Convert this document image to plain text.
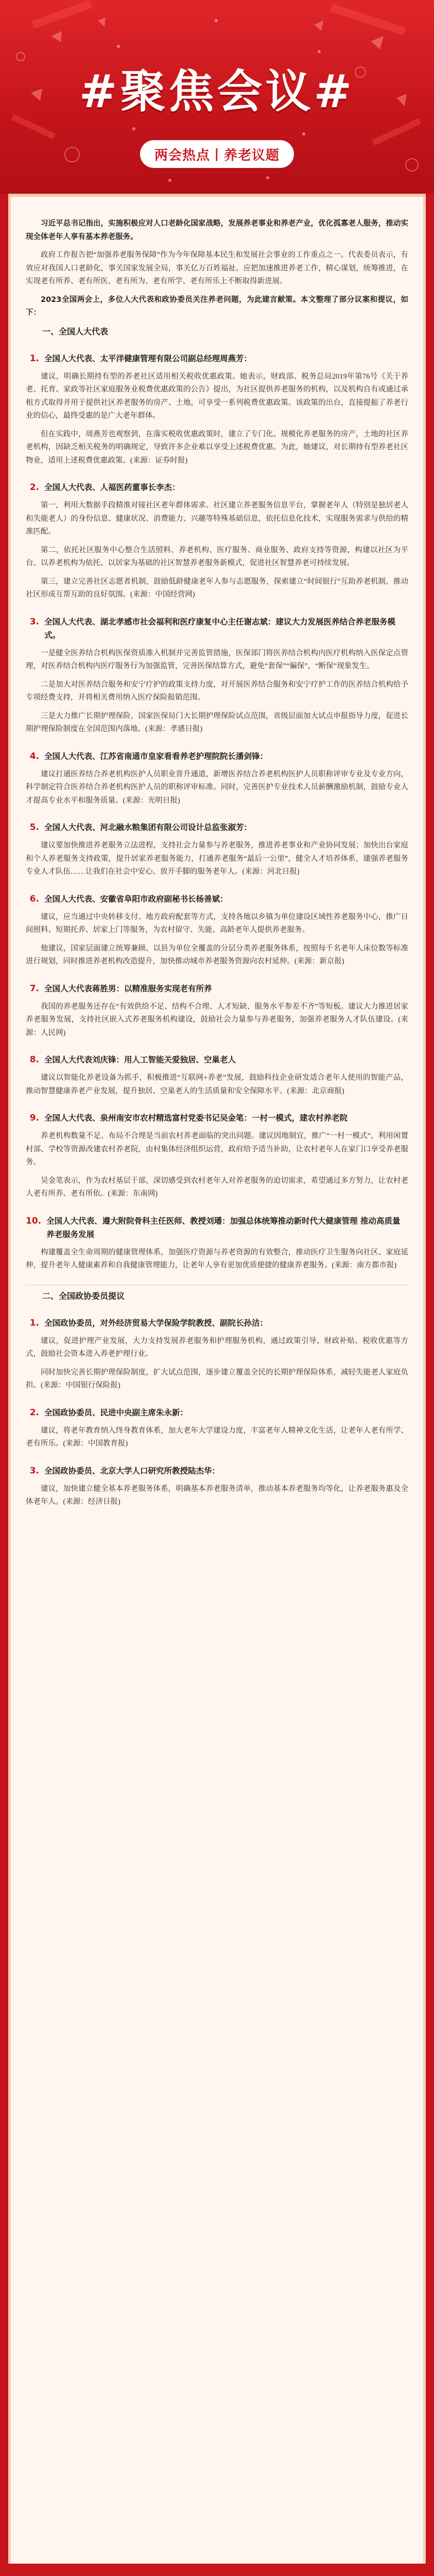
#聚焦会议#
两会热点丨养老议题

习近平总书记指出，实施积极应对人口老龄化国家战略，发展养老事业和养老产业，优化孤寡老人服务，推动实现全体老年人享有基本养老服务。

政府工作报告把“加强养老服务保障”作为今年保障基本民生和发展社会事业的工作重点之一。代表委员表示，有效应对我国人口老龄化，事关国家发展全局，事关亿万百姓福祉。应把加速推进养老工作，精心谋划，统筹推进，在实现老有所养、老有所医、老有所为、老有所学、老有所乐上不断取得新进展。

2023全国两会上，多位人大代表和政协委员关注养老问题，为此建言献策。本文整理了部分议案和提议，如下：

一、全国人大代表

1. 全国人大代表、太平洋健康管理有限公司副总经理周燕芳：

建议，明确长期持有型的养老社区适用相关税收优惠政策。她表示，财政部、税务总局2019年第76号《关于养老、托育、家政等社区家庭服务业税费优惠政策的公告》提出，为社区提供养老服务的机构，以及机构自有或通过承租方式取得并用于提供社区养老服务的房产、土地，可享受一系列税费优惠政策。该政策的出台，直接提振了养老行业的信心，最终受惠的是广大老年群体。

但在实践中，周燕芳也观察到，在落实税收优惠政策时，建立了专门化、规模化养老服务的房产，土地的社区养老机构，因缺乏相关税务的明确规定，导致许多企业难以享受上述税费优惠。为此，她建议，对长期持有型养老社区物业，适用上述税费优惠政策。(来源：证券时报)

2. 全国人大代表、人福医药董事长李杰：

第一，利用大数据手段精准对接社区老年群体需求。社区建立养老服务信息平台，掌握老年人（特别是独居老人和失能老人）的身份信息、健康状况、消费能力、兴趣等特殊基础信息，依托信息化技术，实现服务需求与供给的精准匹配。

第二，依托社区服务中心整合生活照料、养老机构、医疗服务、商业服务、政府支持等资源，构建以社区为平台、以养老机构为依托、以居家为基础的社区智慧养老服务新模式，促进社区智慧养老可持续发展。

第三，建立完善社区志愿者机制，鼓励低龄健康老年人参与志愿服务，探索建立“时间银行”互助养老机制，推动社区形成互帮互助的良好氛围。(来源：中国经营网)

3. 全国人大代表、湖北孝感市社会福利和医疗康复中心主任谢志斌：建议大力发展医养结合养老服务模式。

一是健全医养结合机构医保资质准入机制并完善监管措施，医保部门将医养结合机构内医疗机构纳入医保定点管理，对医养结合机构内医疗服务行为加强监管，完善医保结算方式，避免“套保”“骗保”，“断保”现象发生。

二是加大对医养结合服务和安宁疗护的政策支持力度，对开展医养结合服务和安宁疗护工作的医养结合机构给予专项经费支持，并将相关费用纳入医疗保险报销范围。

三是大力推广长期护理保险，国家医保局门大长期护理保险试点范围，省级层面加大试点申报指导力度，促进长期护理保险制度在全国范围内落地。(来源：孝感日报)

4. 全国人大代表、江苏省南通市皇家看看养老护理院院长潘剑锋：

建议打通医养结合养老机构医护人员职业晋升通道，新增医养结合养老机构医护人员职称评审专业及专业方向，科学制定符合医养结合养老机构医护人员的职称评审标准。同时，完善医护专业技术人员薪酬激励机制，鼓励专业人才提高专业水平和服务质量。(来源：光明日报)

5. 全国人大代表、河北融水粮集团有限公司设计总监张淑芳：

建议要加快推进养老服务立法进程，支持社会力量参与养老服务，推进养老事业和产业协同发展；加快出台家庭和个人养老服务支持政策，提升居家养老服务能力，打通养老服务“最后一公里”，健全人才培养体系，建强养老服务专业人才队伍……让我们在社会中安心、放开手脚的服务老年人。(来源：河北日报)

6. 全国人大代表、安徽省阜阳市政府副秘书长杨善斌：

建议，应当通过中央转移支付、地方政府配套等方式，支持各地以乡镇为单位建设区域性养老服务中心，推广日间照料、短期托养、居家上门等服务，为农村留守、失能、高龄老年人提供养老服务。

他建议，国家层面建立统筹兼顾、以县为单位全覆盖的分层分类养老服务体系，按照每千名老年人床位数等标准进行规划，同时推进养老机构改造提升，加快推动城市养老服务资源向农村延伸。(来源：新京报)

7. 全国人大代表蒋胜男：以精准服务实现老有所养

我国的养老服务还存在“有效供给不足、结构不合理、人才短缺、服务水平参差不齐”等短板。建议大力推进居家养老服务发展，支持社区嵌入式养老服务机构建设，鼓励社会力量参与养老服务，加强养老服务人才队伍建设。(来源：人民网)

8. 全国人大代表刘庆锋：用人工智能关爱独居、空巢老人

建议以智能化养老设备为抓手，积极推进“互联网+养老”发展，鼓励科技企业研发适合老年人使用的智能产品，推动智慧健康养老产业发展，提升独居、空巢老人的生活质量和安全保障水平。(来源：北京商报)

9. 全国人大代表、泉州南安市农村精选富村党委书记吴金笔：一村一模式，建农村养老院

养老机构数量不足、布局不合理是当前农村养老面临的突出问题。建议因地制宜，推广“一村一模式”，利用闲置村部、学校等资源改建农村养老院，由村集体经济组织运营，政府给予适当补助，让农村老年人在家门口享受养老服务。

吴金笔表示，作为农村基层干部，深切感受到农村老年人对养老服务的迫切需求，希望通过多方努力，让农村老人老有所养、老有所依。(来源：东南网)

10. 全国人大代表、遵大附院骨科主任医师、教授刘璠：加强总体统筹推动新时代大健康管理 推动高质量养老服务发展

构建覆盖全生命周期的健康管理体系，加强医疗资源与养老资源的有效整合，推动医疗卫生服务向社区、家庭延伸，提升老年人健康素养和自我健康管理能力，让老年人享有更加优质便捷的健康养老服务。(来源：南方都市报)

二、全国政协委员提议

1. 全国政协委员，对外经济贸易大学保险学院教授、副院长孙洁：

建议，促进护理产业发展，大力支持发展养老服务和护理服务机构，通过政策引导、财政补贴、税收优惠等方式，鼓励社会资本进入养老护理行业。

同时加快完善长期护理保险制度，扩大试点范围，逐步建立覆盖全民的长期护理保险体系，减轻失能老人家庭负担。(来源：中国银行保险报)

2. 全国政协委员、民进中央副主席朱永新：

建议，将老年教育纳入终身教育体系，加大老年大学建设力度，丰富老年人精神文化生活，让老年人老有所学、老有所乐。(来源：中国教育报)

3. 全国政协委员、北京大学人口研究所教授陆杰华：

建议，加快建立健全基本养老服务体系，明确基本养老服务清单，推动基本养老服务均等化，让养老服务惠及全体老年人。(来源：经济日报)
